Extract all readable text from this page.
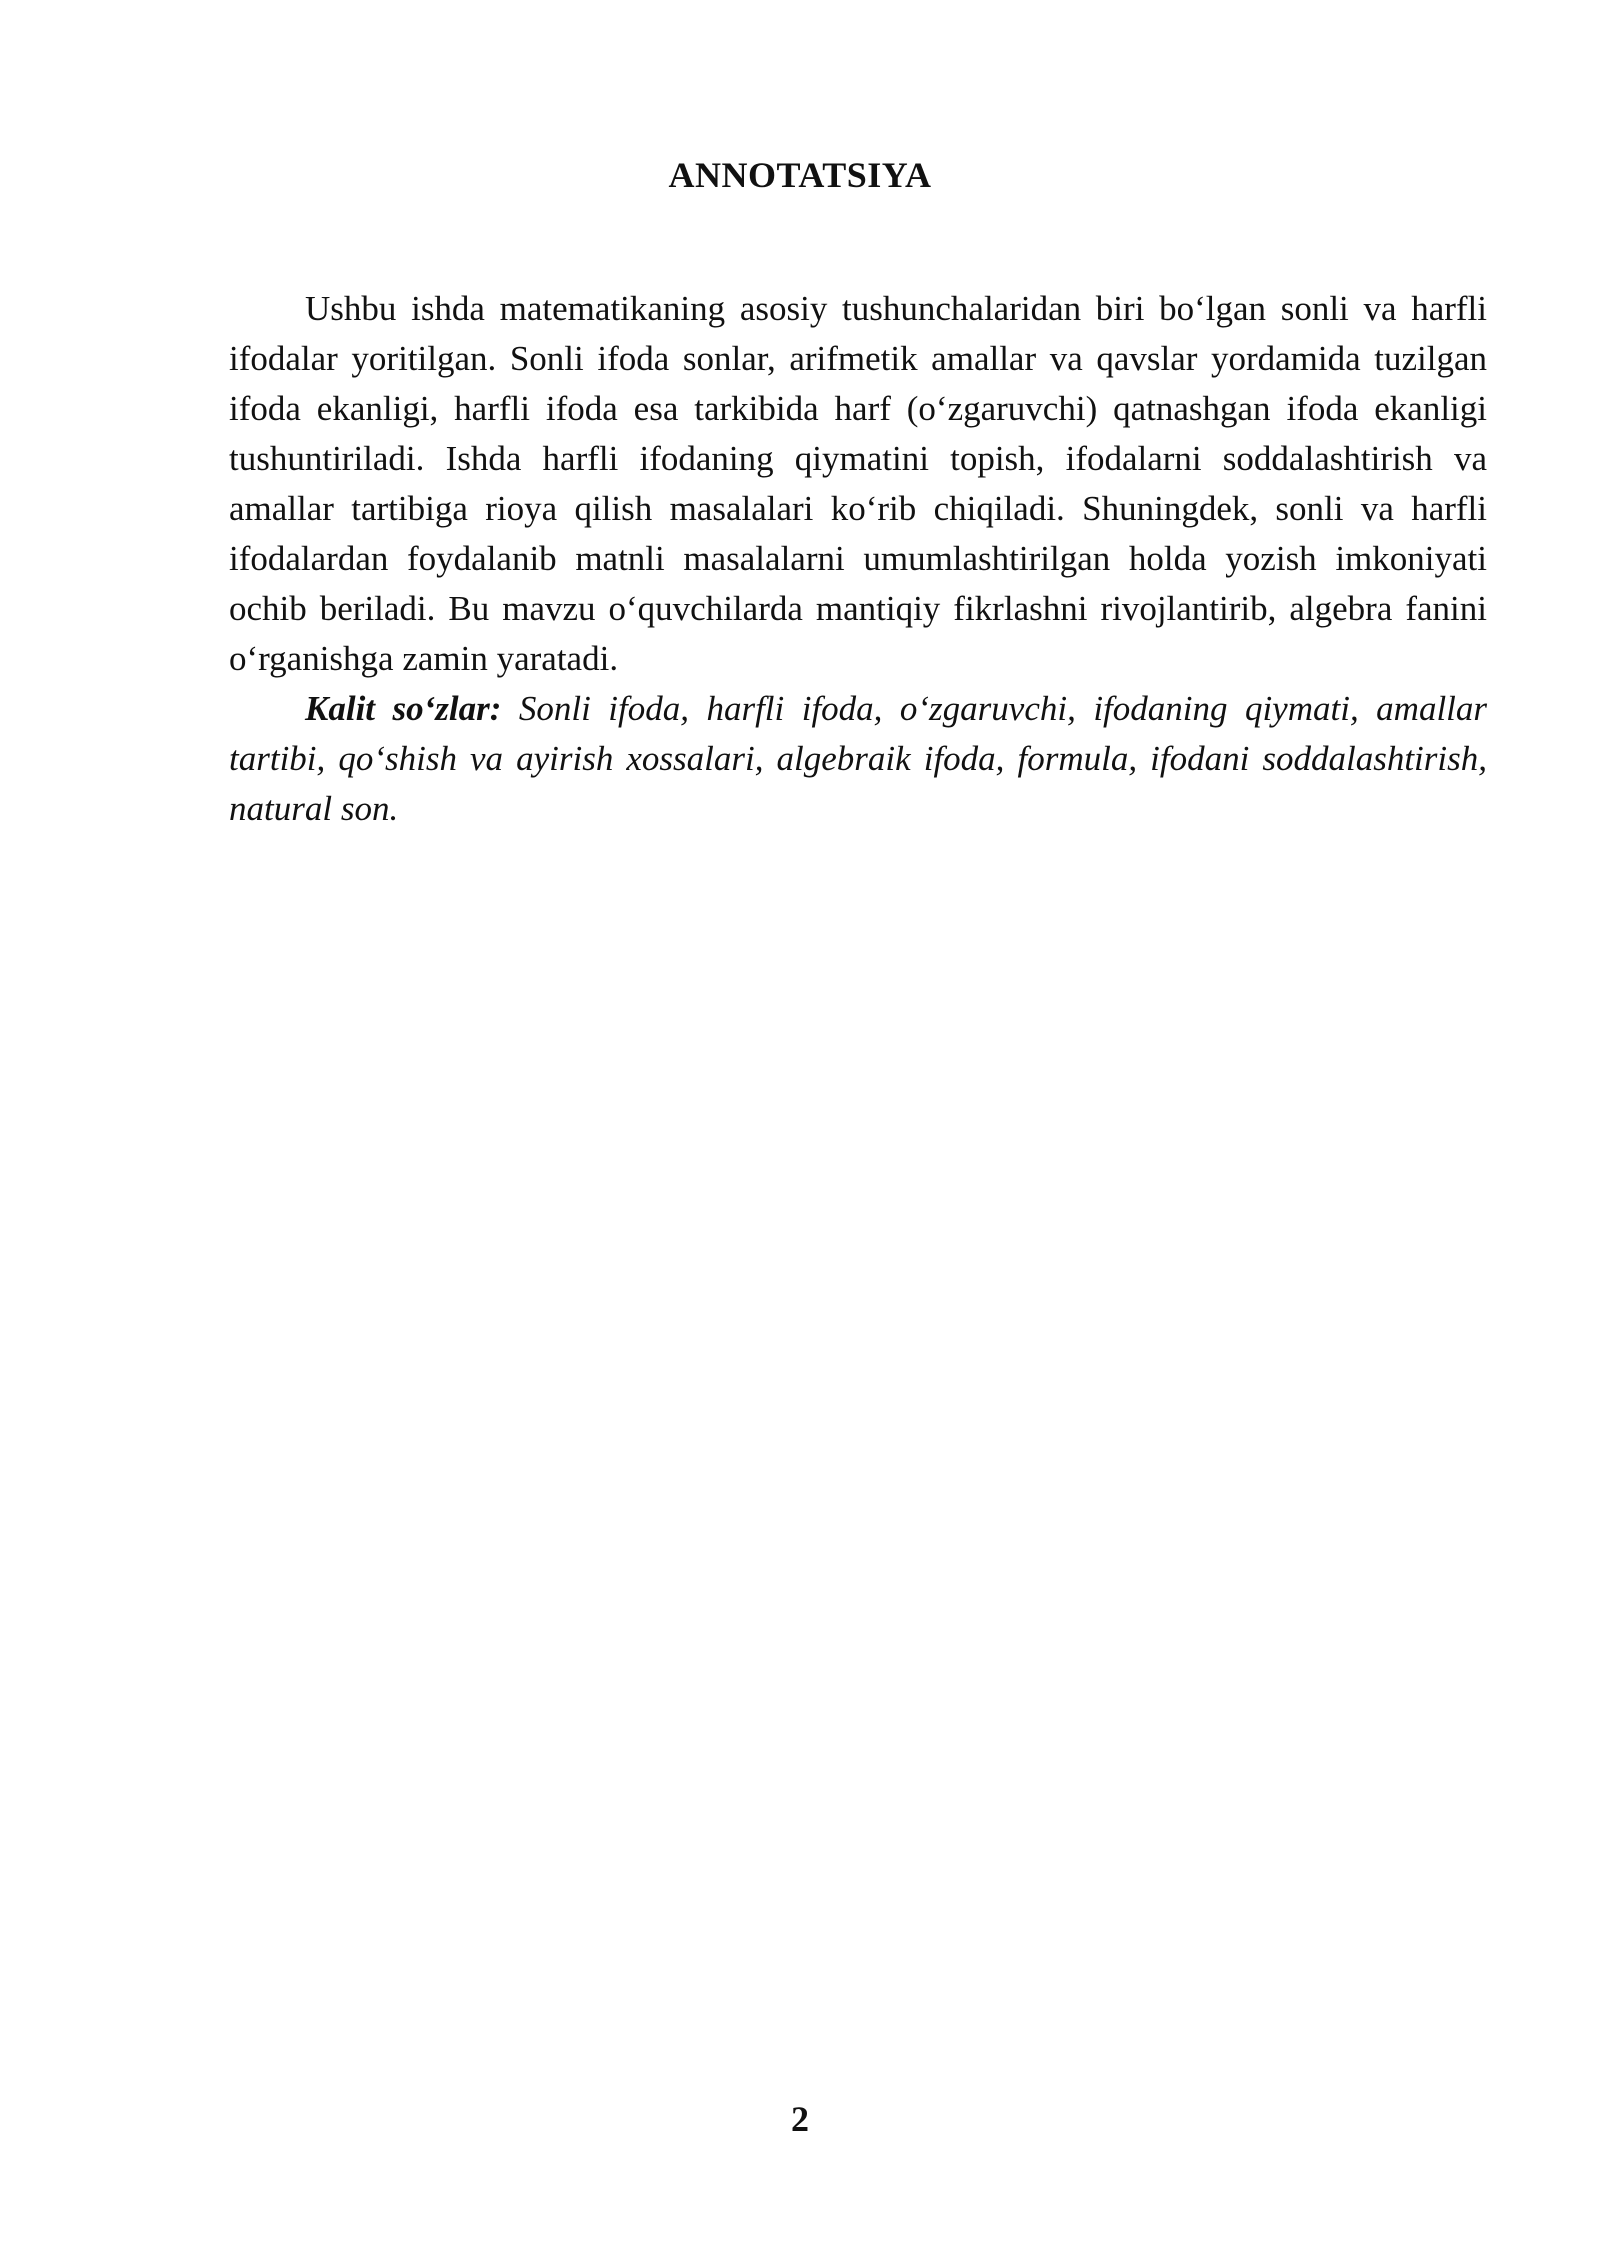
ANNOTATSIYA

Ushbu ishda matematikaning asosiy tushunchalaridan biri bo‘lgan sonli va harfli ifodalar yoritilgan. Sonli ifoda sonlar, arifmetik amallar va qavslar yordamida tuzilgan ifoda ekanligi, harfli ifoda esa tarkibida harf (o‘zgaruvchi) qatnashgan ifoda ekanligi tushuntiriladi. Ishda harfli ifodaning qiymatini topish, ifodalarni soddalashtirish va amallar tartibiga rioya qilish masalalari ko‘rib chiqiladi. Shuningdek, sonli va harfli ifodalardan foydalanib matnli masalalarni umumlashtirilgan holda yozish imkoniyati ochib beriladi. Bu mavzu o‘quvchilarda mantiqiy fikrlashni rivojlantirib, algebra fanini o‘rganishga zamin yaratadi.

Kalit so‘zlar: Sonli ifoda, harfli ifoda, o‘zgaruvchi, ifodaning qiymati, amallar tartibi, qo‘shish va ayirish xossalari, algebraik ifoda, formula, ifodani soddalashtirish, natural son.

2
